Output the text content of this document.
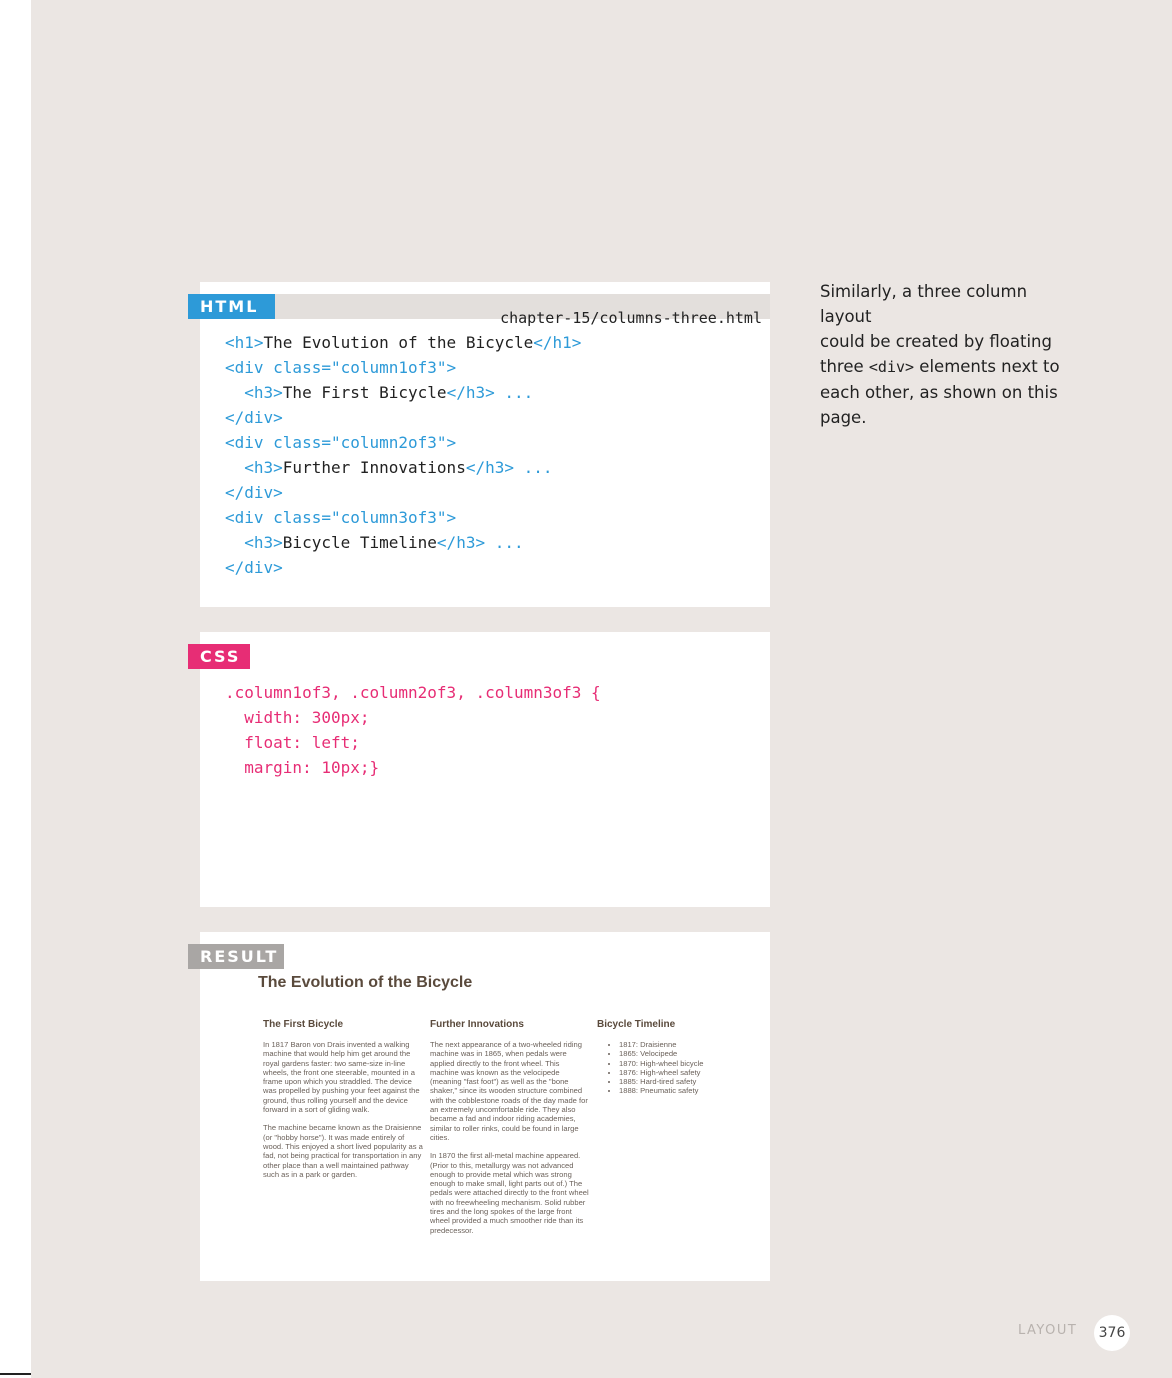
chapter-15/columns-three.html
<h1>The Evolution of the Bicycle</h1>
<div class="column1of3">
<h3>The First Bicycle</h3> ...
</div>
<div class="column2of3">
<h3>Further Innovations</h3> ...
</div>
<div class="column3of3">
<h3>Bicycle Timeline</h3> ...
</div>
HTML
.column1of3, .column2of3, .column3of3 {
width: 300px;
float: left;
margin: 10px;}
CSS
The Evolution of the Bicycle
The First Bicycle

In 1817 Baron von Drais invented a walking machine that would help him get around the royal gardens faster: two same-size in-line wheels, the front one steerable, mounted in a frame upon which you straddled. The device was propelled by pushing your feet against the ground, thus rolling yourself and the device forward in a sort of gliding walk.

The machine became known as the Draisienne (or "hobby horse"). It was made entirely of wood. This enjoyed a short lived popularity as a fad, not being practical for transportation in any other place than a well maintained pathway such as in a park or garden.

Further Innovations

The next appearance of a two-wheeled riding machine was in 1865, when pedals were applied directly to the front wheel. This machine was known as the velocipede (meaning "fast foot") as well as the "bone shaker," since its wooden structure combined with the cobblestone roads of the day made for an extremely uncomfortable ride. They also became a fad and indoor riding academies, similar to roller rinks, could be found in large cities.

In 1870 the first all-metal machine appeared. (Prior to this, metallurgy was not advanced enough to provide metal which was strong enough to make small, light parts out of.) The pedals were attached directly to the front wheel with no freewheeling mechanism. Solid rubber tires and the long spokes of the large front wheel provided a much smoother ride than its predecessor.

Bicycle Timeline
• 1817: Draisienne
• 1865: Velocipede
• 1870: High-wheel bicycle
• 1876: High-wheel safety
• 1885: Hard-tired safety
• 1888: Pneumatic safety
RESULT
Similarly, a three column layout
could be created by floating
three <div> elements next to
each other, as shown on this
page.
LAYOUT	376
